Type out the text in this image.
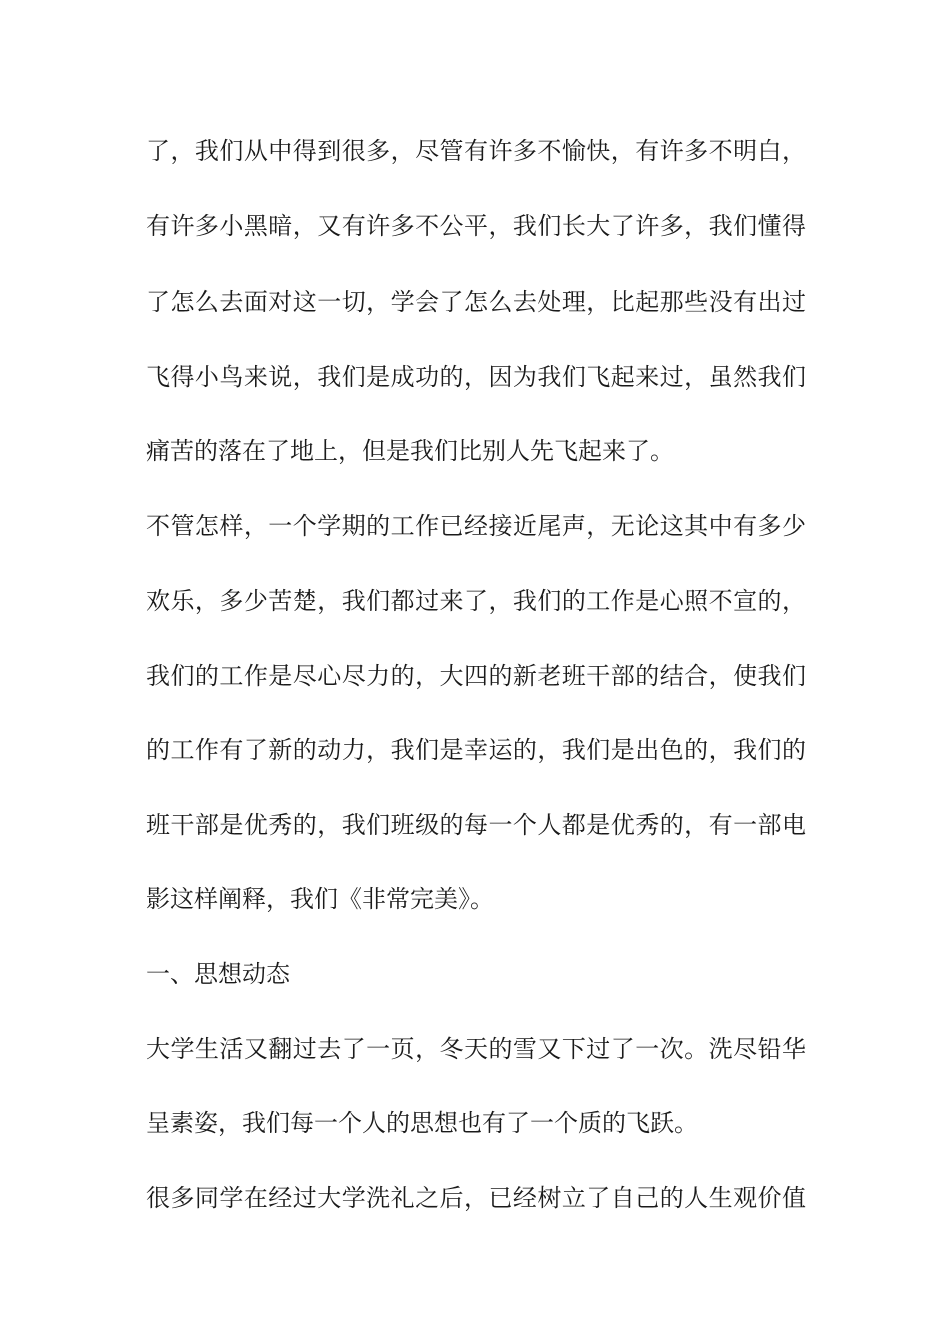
了，我们从中得到很多，尽管有许多不愉快，有许多不明白，
有许多小黑暗，又有许多不公平，我们长大了许多，我们懂得
了怎么去面对这一切，学会了怎么去处理，比起那些没有出过
飞得小鸟来说，我们是成功的，因为我们飞起来过，虽然我们
痛苦的落在了地上，但是我们比别人先飞起来了。
不管怎样，一个学期的工作已经接近尾声，无论这其中有多少
欢乐，多少苦楚，我们都过来了，我们的工作是心照不宣的，
我们的工作是尽心尽力的，大四的新老班干部的结合，使我们
的工作有了新的动力，我们是幸运的，我们是出色的，我们的
班干部是优秀的，我们班级的每一个人都是优秀的，有一部电
影这样阐释，我们《非常完美》。
一、思想动态
大学生活又翻过去了一页，冬天的雪又下过了一次。洗尽铅华
呈素姿，我们每一个人的思想也有了一个质的飞跃。
很多同学在经过大学洗礼之后，已经树立了自己的人生观价值
